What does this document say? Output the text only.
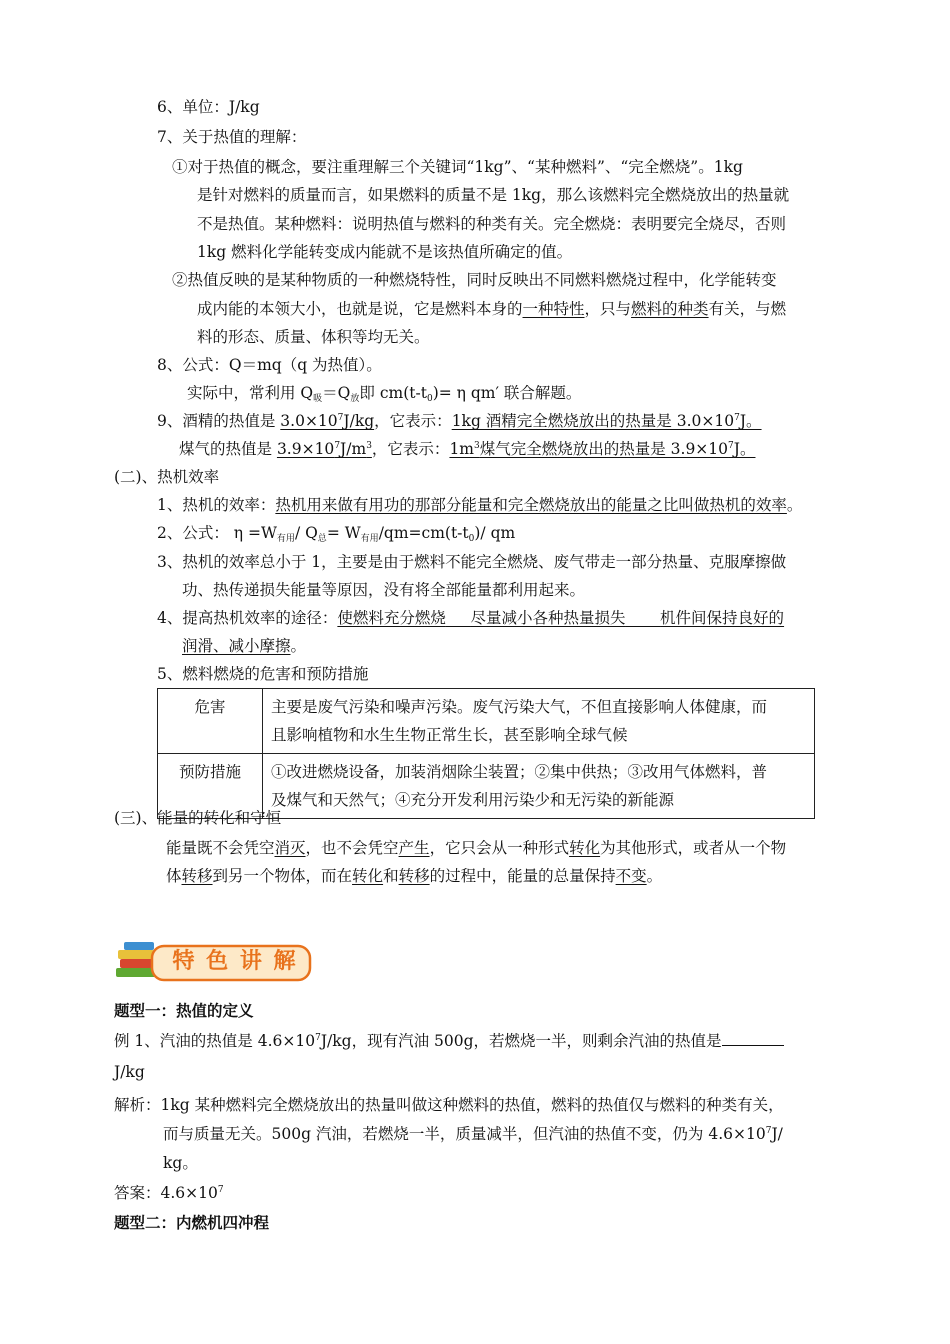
6、单位：J/kg
7、关于热值的理解：
①对于热值的概念，要注重理解三个关键词“1kg”、“某种燃料”、“完全燃烧”。1kg
是针对燃料的质量而言，如果燃料的质量不是 1kg，那么该燃料完全燃烧放出的热量就
不是热值。某种燃料：说明热值与燃料的种类有关。完全燃烧：表明要完全烧尽，否则
1kg 燃料化学能转变成内能就不是该热值所确定的值。
②热值反映的是某种物质的一种燃烧特性，同时反映出不同燃料燃烧过程中，化学能转变
成内能的本领大小，也就是说，它是燃料本身的一种特性，只与燃料的种类有关，与燃
料的形态、质量、体积等均无关。
8、公式：Q＝mq（q 为热值）。
实际中，常利用 $Q_吸=Q_放$即 $cm(t-t_0)= \eta$ qm′ 联合解题。
9、酒精的热值是 $3.0\times 10^7J/kg$，它表示：1kg 酒精完全燃烧放出的热量是 $3.0\times 10^7J$。
煤气的热值是 $3.9\times 10^7J/m^3$，它表示：$1m^3$煤气完全燃烧放出的热量是 $3.9\times 10^7J$。
(二)、热机效率
1、热机的效率：热机用来做有用功的那部分能量和完全燃烧放出的能量之比叫做热机的效率。
2、公式： $\eta =W_{有用}/$ $Q_总= W_{有用}/qm=cm(t-t_0)/$ qm
3、热机的效率总小于 1，主要是由于燃料不能完全燃烧、废气带走一部分热量、克服摩擦做
功、热传递损失能量等原因，没有将全部能量都利用起来。
4、提高热机效率的途径：使燃料充分燃烧 尽量减小各种热量损失 机件间保持良好的
润滑、减小摩擦。
5、燃料燃烧的危害和预防措施
危害	主要是废气污染和噪声污染。废气污染大气，不但直接影响人体健康，而
且影响植物和水生生物正常生长，甚至影响全球气候

预防措施	①改进燃烧设备，加装消烟除尘装置；②集中供热；③改用气体燃料，普
及煤气和天然气；④充分开发利用污染少和无污染的新能源
(三)、能量的转化和守恒
能量既不会凭空消灭，也不会凭空产生，它只会从一种形式转化为其他形式，或者从一个物
体转移到另一个物体，而在转化和转移的过程中，能量的总量保持不变。
特 色 讲 解
题型一：热值的定义
例 1、汽油的热值是 $4.6\times 10^7J/kg$，现有汽油 500g，若燃烧一半，则剩余汽油的热值是
J/kg
解析：1kg 某种燃料完全燃烧放出的热量叫做这种燃料的热值，燃料的热值仅与燃料的种类有关，
而与质量无关。500g 汽油，若燃烧一半，质量减半，但汽油的热值不变，仍为 $4.6\times 10^7J/$
kg。
答案：$4.6\times 10^7$
题型二：内燃机四冲程
